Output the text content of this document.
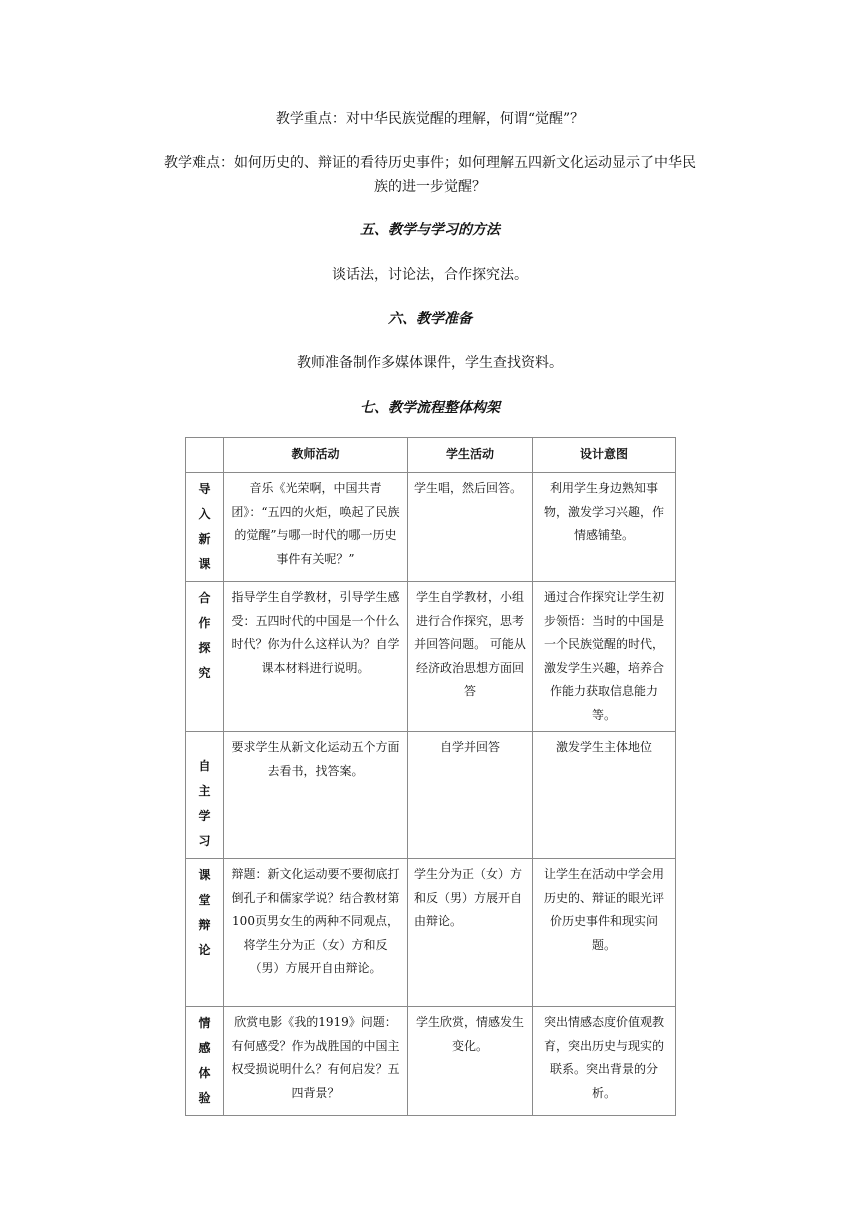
教学重点：对中华民族觉醒的理解，何谓“觉醒”？

教学难点：如何历史的、辩证的看待历史事件；如何理解五四新文化运动显示了中华民族的进一步觉醒？

五、教学与学习的方法

谈话法，讨论法，合作探究法。

六、教学准备

教师准备制作多媒体课件，学生查找资料。

七、教学流程整体构架

	教师活动	学生活动	设计意图

导
入
新
课	音乐《光荣啊，中国共青团》：“五四的火炬，唤起了民族的觉醒”与哪一时代的哪一历史事件有关呢？”	学生唱，然后回答。	利用学生身边熟知事物，激发学习兴趣，作情感铺垫。

合
作
探
究	指导学生自学教材，引导学生感受：五四时代的中国是一个什么时代？你为什么这样认为？自学课本材料进行说明。	学生自学教材，小组进行合作探究，思考并回答问题。 可能从经济政治思想方面回答	通过合作探究让学生初步领悟：当时的中国是一个民族觉醒的时代，激发学生兴趣，培养合作能力获取信息能力等。

自
主
学
习	要求学生从新文化运动五个方面去看书，找答案。	自学并回答	激发学生主体地位

课
堂
辩
论	辩题：新文化运动要不要彻底打倒孔子和儒家学说？结合教材第100页男女生的两种不同观点，将学生分为正（女）方和反（男）方展开自由辩论。	学生分为正（女）方和反（男）方展开自由辩论。	让学生在活动中学会用历史的、辩证的眼光评价历史事件和现实问题。

情
感
体
验	欣赏电影《我的1919》问题：有何感受？作为战胜国的中国主权受损说明什么？有何启发？五四背景？	学生欣赏，情感发生变化。	突出情感态度价值观教育，突出历史与现实的联系。突出背景的分析。
